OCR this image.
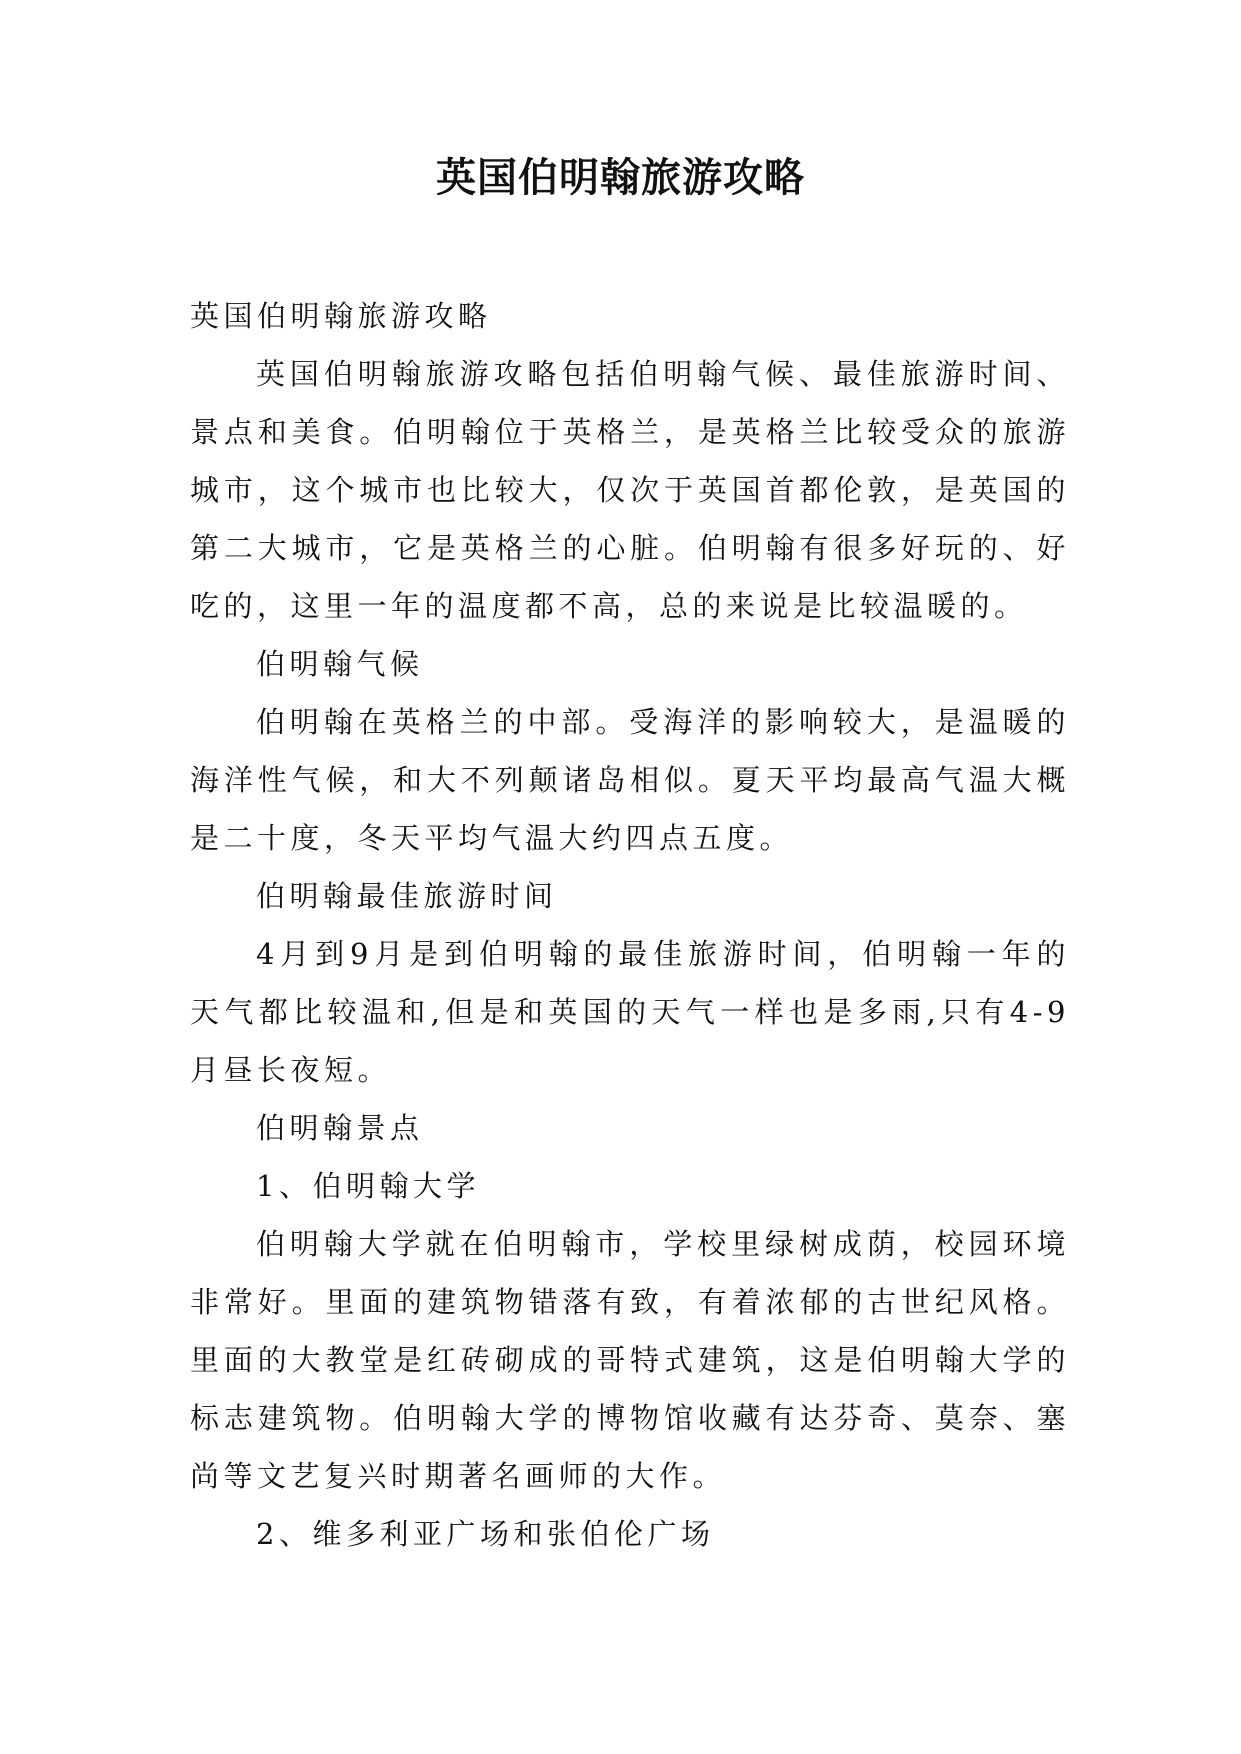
英国伯明翰旅游攻略

英国伯明翰旅游攻略

英国伯明翰旅游攻略包括伯明翰气候、最佳旅游时间、景点和美食。伯明翰位于英格兰，是英格兰比较受众的旅游城市，这个城市也比较大，仅次于英国首都伦敦，是英国的第二大城市，它是英格兰的心脏。伯明翰有很多好玩的、好吃的，这里一年的温度都不高，总的来说是比较温暖的。

伯明翰气候

伯明翰在英格兰的中部。受海洋的影响较大，是温暖的海洋性气候，和大不列颠诸岛相似。夏天平均最高气温大概是二十度，冬天平均气温大约四点五度。

伯明翰最佳旅游时间

4月到9月是到伯明翰的最佳旅游时间，伯明翰一年的天气都比较温和,但是和英国的天气一样也是多雨,只有4-9月昼长夜短。

伯明翰景点

1、伯明翰大学

伯明翰大学就在伯明翰市，学校里绿树成荫，校园环境非常好。里面的建筑物错落有致，有着浓郁的古世纪风格。里面的大教堂是红砖砌成的哥特式建筑，这是伯明翰大学的标志建筑物。伯明翰大学的博物馆收藏有达芬奇、莫奈、塞尚等文艺复兴时期著名画师的大作。

2、维多利亚广场和张伯伦广场
